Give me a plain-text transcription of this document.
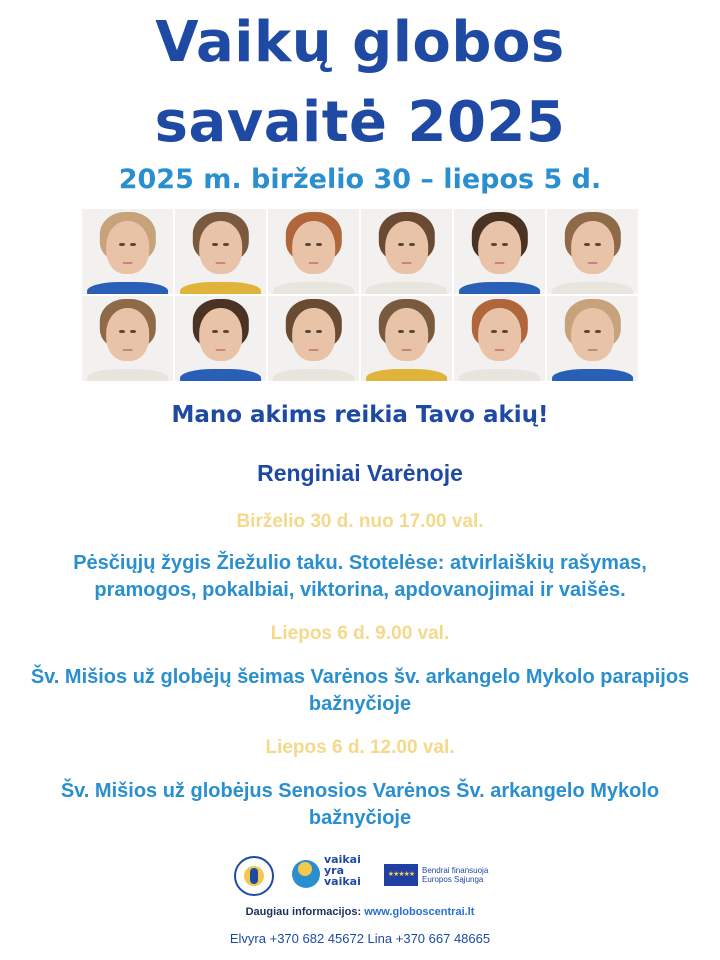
Vaikų globos
savaitė 2025
2025 m. birželio 30 – liepos 5 d.
Mano akims reikia Tavo akių!
Renginiai Varėnoje
Birželio 30 d. nuo 17.00 val.
Pėsčiųjų žygis Žiežulio taku. Stotelėse: atvirlaiškių rašymas, pramogos, pokalbiai, viktorina, apdovanojimai ir vaišės.
Liepos 6 d. 9.00 val.
Šv. Mišios už globėjų šeimas Varėnos šv. arkangelo Mykolo parapijos bažnyčioje
Liepos 6 d. 12.00 val.
Šv. Mišios už globėjus Senosios Varėnos Šv. arkangelo Mykolo bažnyčioje
vaikai
yra
vaikai
★★★★★ Bendrai finansuoja
Europos Sąjunga
Daugiau informacijos: www.globoscentrai.lt
Elvyra +370 682 45672 Lina +370 667 48665
